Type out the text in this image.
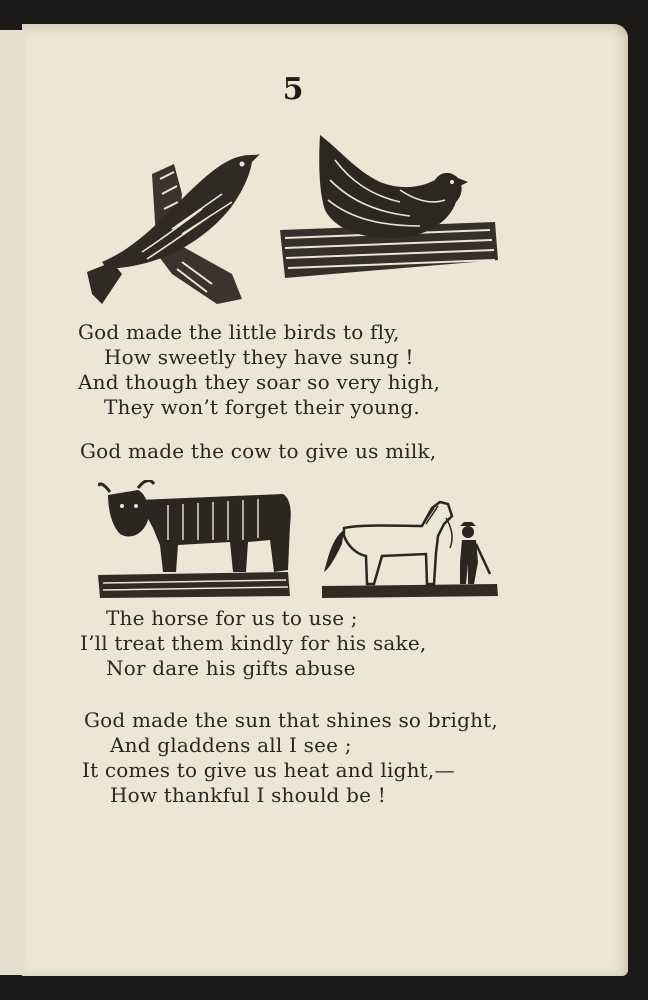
5
God made the little birds to fly,
How sweetly they have sung !
And though they soar so very high,
They won’t forget their young.
God made the cow to give us milk,
The horse for us to use ;
I’ll treat them kindly for his sake,
Nor dare his gifts abuse
God made the sun that shines so bright,
And gladdens all I see ;
It comes to give us heat and light,—
How thankful I should be !
